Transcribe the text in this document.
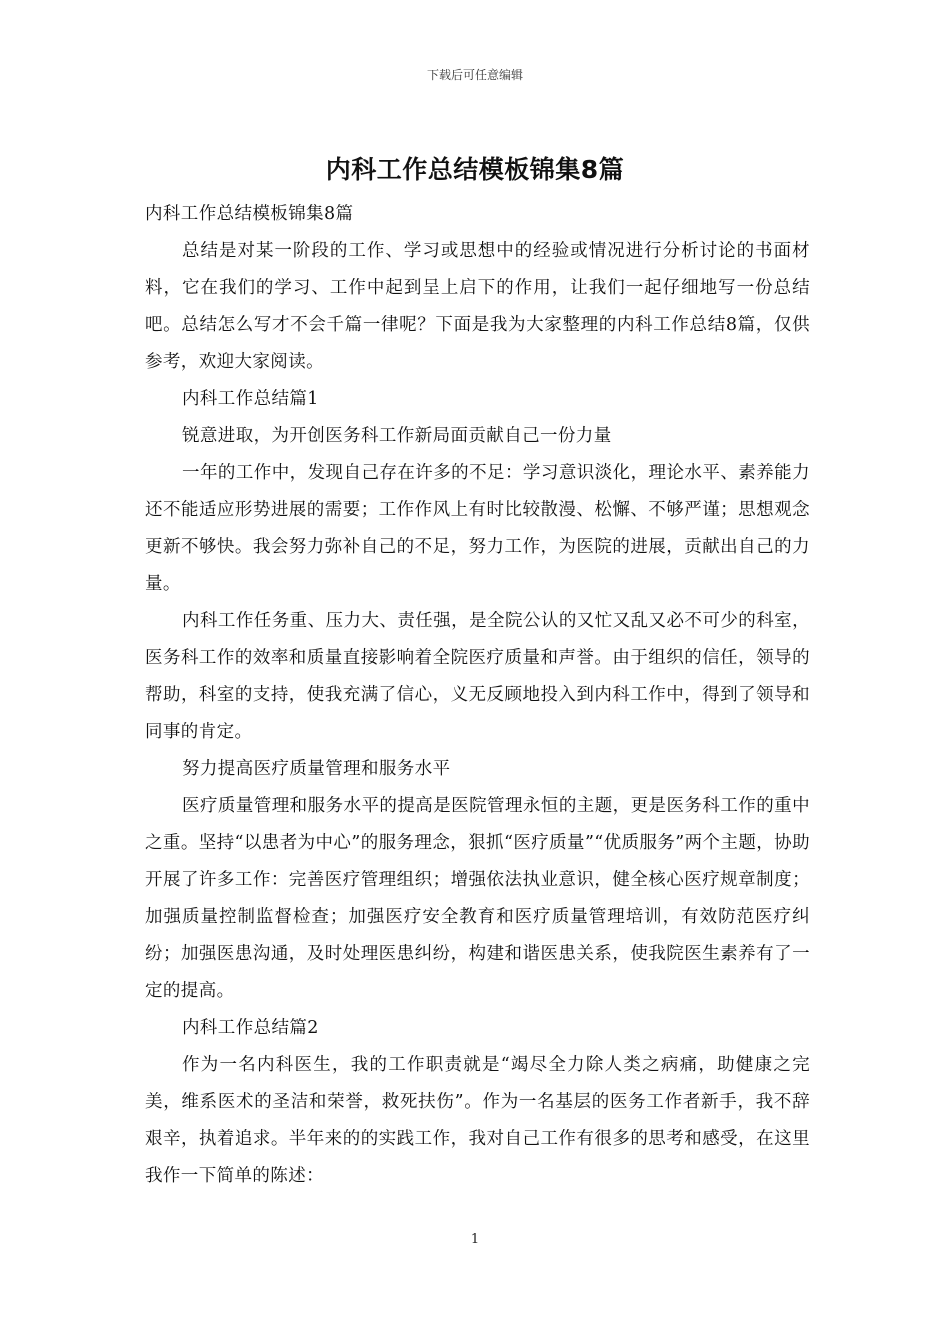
下载后可任意编辑
内科工作总结模板锦集8篇

内科工作总结模板锦集8篇

总结是对某一阶段的工作、学习或思想中的经验或情况进行分析讨论的书面材料，它在我们的学习、工作中起到呈上启下的作用，让我们一起仔细地写一份总结吧。总结怎么写才不会千篇一律呢？下面是我为大家整理的内科工作总结8篇，仅供参考，欢迎大家阅读。

内科工作总结篇1

锐意进取，为开创医务科工作新局面贡献自己一份力量

一年的工作中，发现自己存在许多的不足：学习意识淡化，理论水平、素养能力还不能适应形势进展的需要；工作作风上有时比较散漫、松懈、不够严谨；思想观念更新不够快。我会努力弥补自己的不足，努力工作，为医院的进展，贡献出自己的力量。

内科工作任务重、压力大、责任强，是全院公认的又忙又乱又必不可少的科室，医务科工作的效率和质量直接影响着全院医疗质量和声誉。由于组织的信任，领导的帮助，科室的支持，使我充满了信心，义无反顾地投入到内科工作中，得到了领导和同事的肯定。

努力提高医疗质量管理和服务水平

医疗质量管理和服务水平的提高是医院管理永恒的主题，更是医务科工作的重中之重。坚持“以患者为中心”的服务理念，狠抓“医疗质量”“优质服务”两个主题，协助开展了许多工作：完善医疗管理组织；增强依法执业意识，健全核心医疗规章制度；加强质量控制监督检查；加强医疗安全教育和医疗质量管理培训，有效防范医疗纠纷；加强医患沟通，及时处理医患纠纷，构建和谐医患关系，使我院医生素养有了一定的提高。

内科工作总结篇2

作为一名内科医生，我的工作职责就是“竭尽全力除人类之病痛，助健康之完美，维系医术的圣洁和荣誉，救死扶伤”。作为一名基层的医务工作者新手，我不辞艰辛，执着追求。半年来的的实践工作，我对自己工作有很多的思考和感受，在这里我作一下简单的陈述：

1
